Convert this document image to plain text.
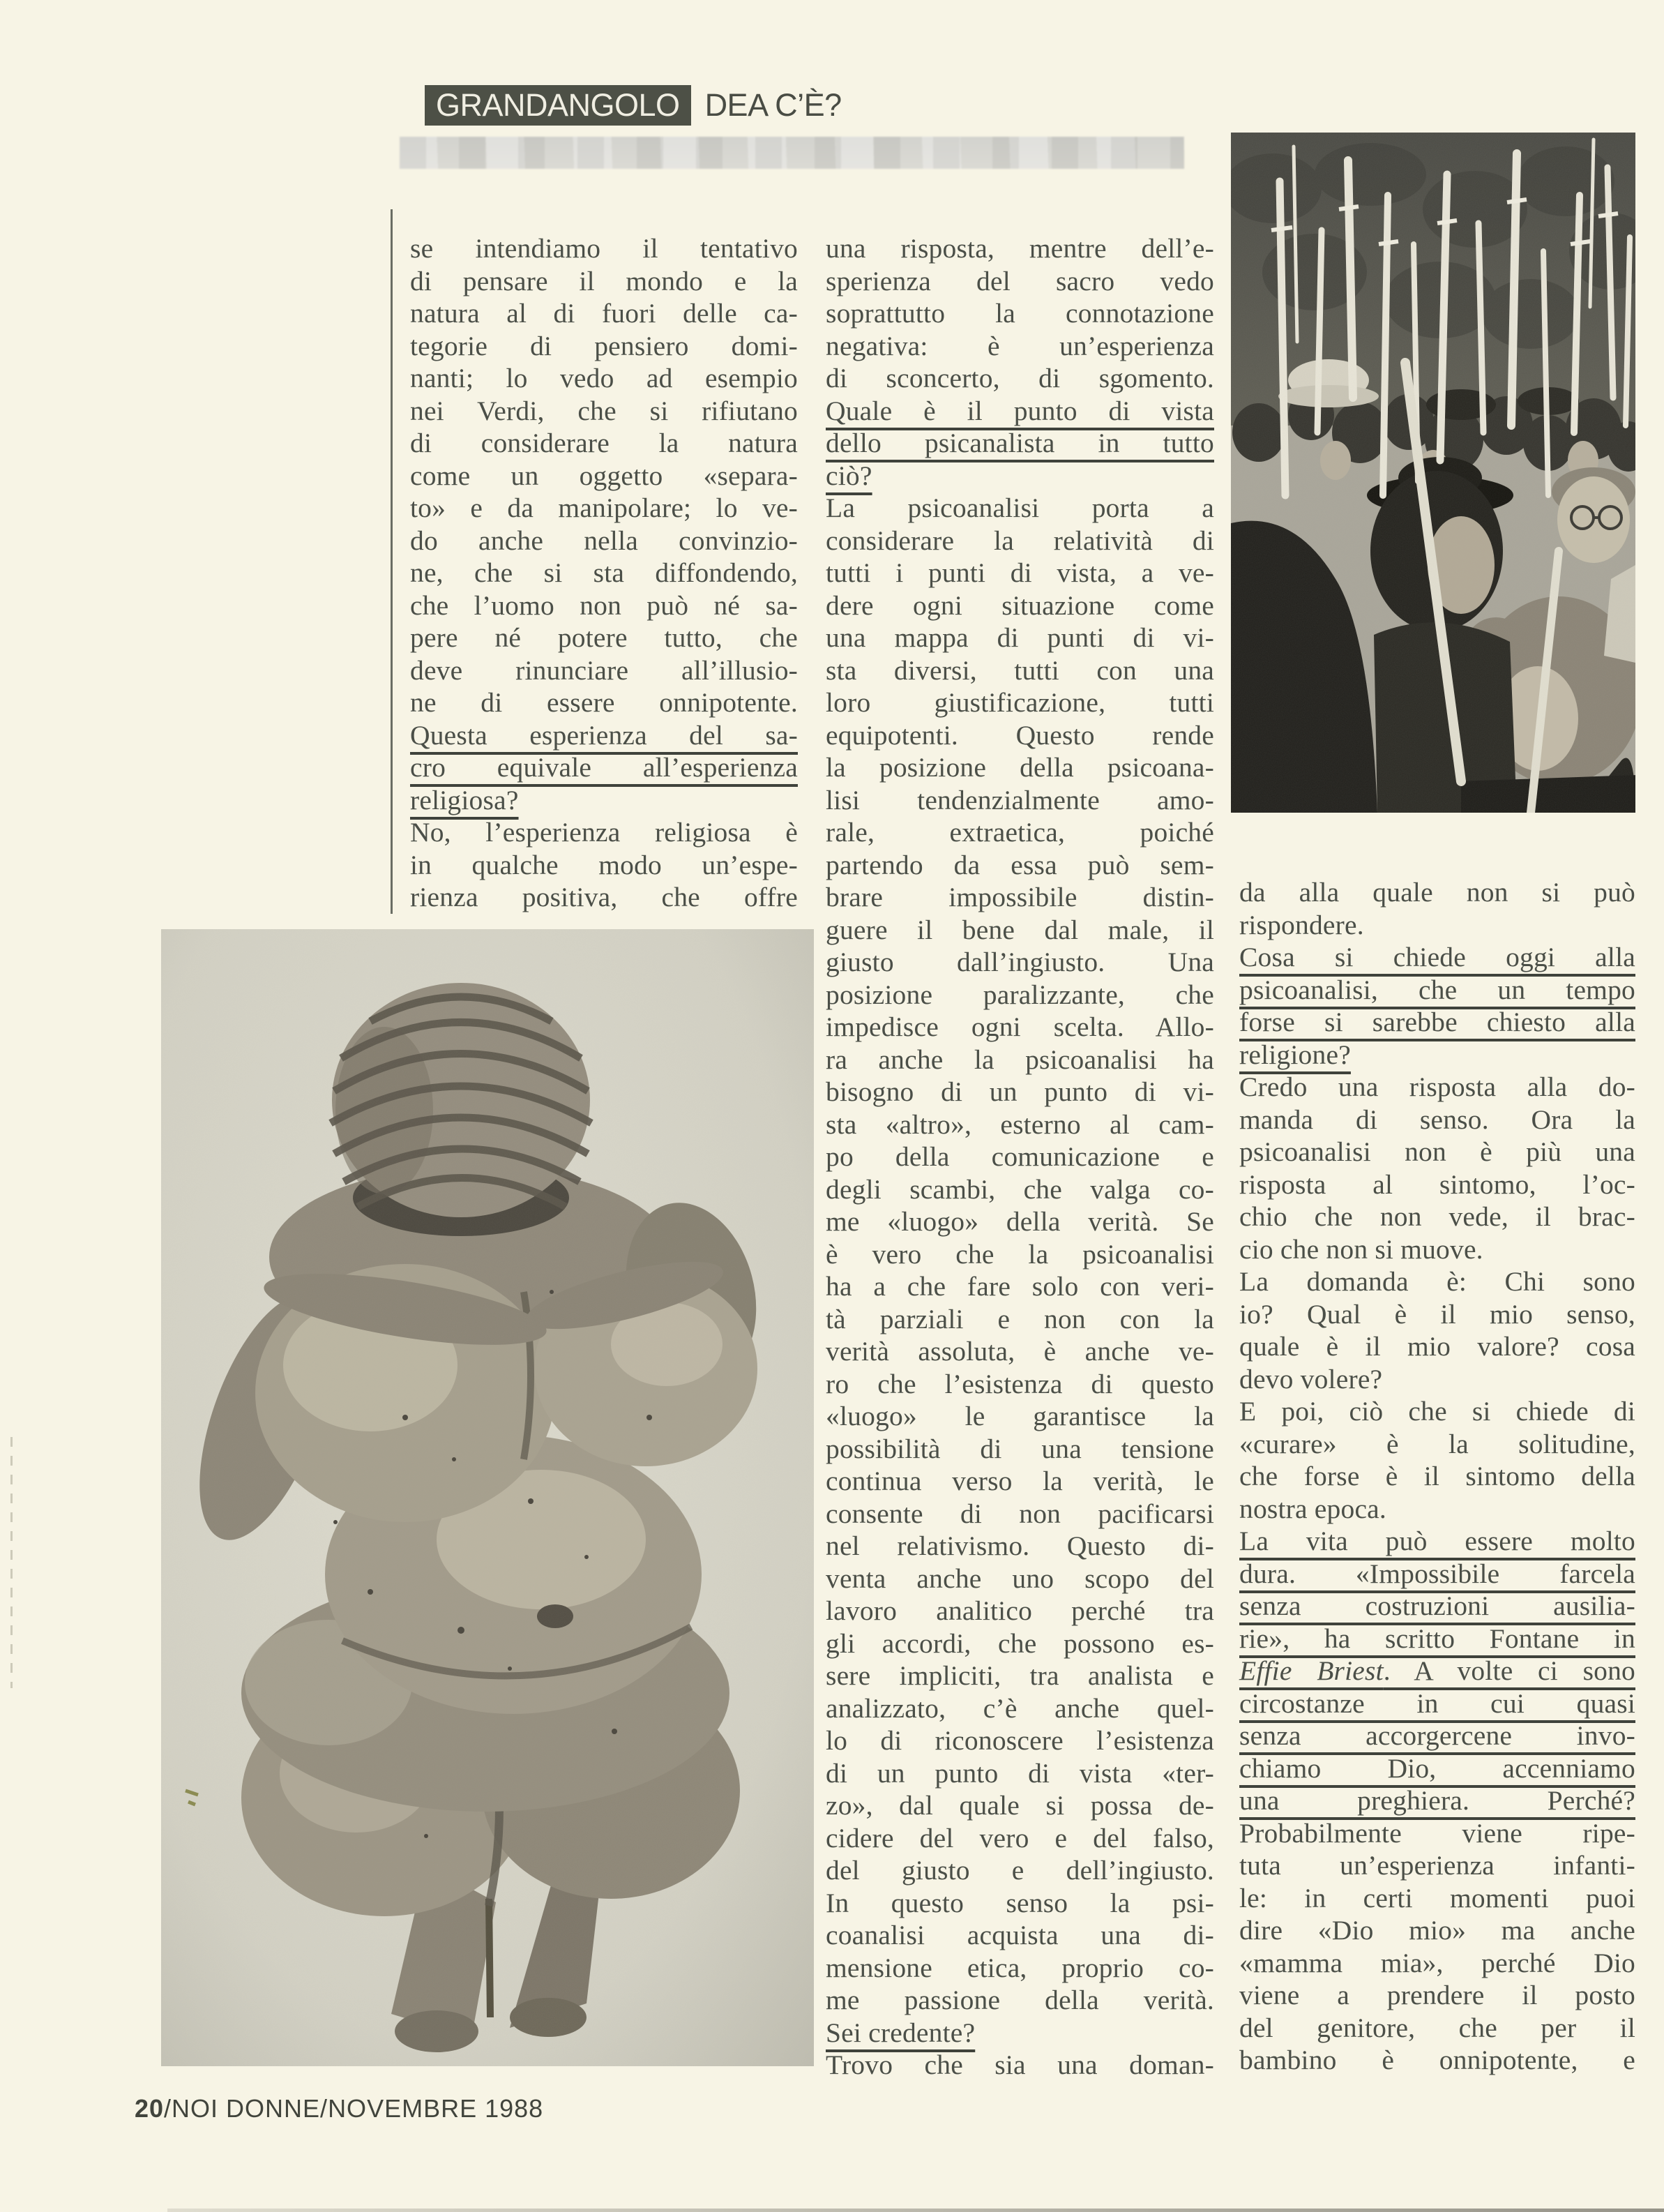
GRANDANGOLO DEA C’È?
se intendiamo il tentativo
di pensare il mondo e la
natura al di fuori delle ca-
tegorie di pensiero domi-
nanti; lo vedo ad esempio
nei Verdi, che si rifiutano
di considerare la natura
come un oggetto «separa-
to» e da manipolare; lo ve-
do anche nella convinzio-
ne, che si sta diffondendo,
che l’uomo non può né sa-
pere né potere tutto, che
deve rinunciare all’illusio-
ne di essere onnipotente.
Questa esperienza del sa-
cro equivale all’esperienza
religiosa?
No, l’esperienza religiosa è
in qualche modo un’espe-
rienza positiva, che offre
una risposta, mentre dell’e-
sperienza del sacro vedo
soprattutto la connotazione
negativa: è un’esperienza
di sconcerto, di sgomento.
Quale è il punto di vista
dello psicanalista in tutto
ciò?
La psicoanalisi porta a
considerare la relatività di
tutti i punti di vista, a ve-
dere ogni situazione come
una mappa di punti di vi-
sta diversi, tutti con una
loro giustificazione, tutti
equipotenti. Questo rende
la posizione della psicoana-
lisi tendenzialmente amo-
rale, extraetica, poiché
partendo da essa può sem-
brare impossibile distin-
guere il bene dal male, il
giusto dall’ingiusto. Una
posizione paralizzante, che
impedisce ogni scelta. Allo-
ra anche la psicoanalisi ha
bisogno di un punto di vi-
sta «altro», esterno al cam-
po della comunicazione e
degli scambi, che valga co-
me «luogo» della verità. Se
è vero che la psicoanalisi
ha a che fare solo con veri-
tà parziali e non con la
verità assoluta, è anche ve-
ro che l’esistenza di questo
«luogo» le garantisce la
possibilità di una tensione
continua verso la verità, le
consente di non pacificarsi
nel relativismo. Questo di-
venta anche uno scopo del
lavoro analitico perché tra
gli accordi, che possono es-
sere impliciti, tra analista e
analizzato, c’è anche quel-
lo di riconoscere l’esistenza
di un punto di vista «ter-
zo», dal quale si possa de-
cidere del vero e del falso,
del giusto e dell’ingiusto.
In questo senso la psi-
coanalisi acquista una di-
mensione etica, proprio co-
me passione della verità.
Sei credente?
Trovo che sia una doman-
da alla quale non si può
rispondere.
Cosa si chiede oggi alla
psicoanalisi, che un tempo
forse si sarebbe chiesto alla
religione?
Credo una risposta alla do-
manda di senso. Ora la
psicoanalisi non è più una
risposta al sintomo, l’oc-
chio che non vede, il brac-
cio che non si muove.
La domanda è: Chi sono
io? Qual è il mio senso,
quale è il mio valore? cosa
devo volere?
E poi, ciò che si chiede di
«curare» è la solitudine,
che forse è il sintomo della
nostra epoca.
La vita può essere molto
dura. «Impossibile farcela
senza costruzioni ausilia-
rie», ha scritto Fontane in
Effie Briest. A volte ci sono
circostanze in cui quasi
senza accorgercene invo-
chiamo Dio, accenniamo
una preghiera. Perché?
Probabilmente viene ripe-
tuta un’esperienza infanti-
le: in certi momenti puoi
dire «Dio mio» ma anche
«mamma mia», perché Dio
viene a prendere il posto
del genitore, che per il
bambino è onnipotente, e
20/NOI DONNE/NOVEMBRE 1988
